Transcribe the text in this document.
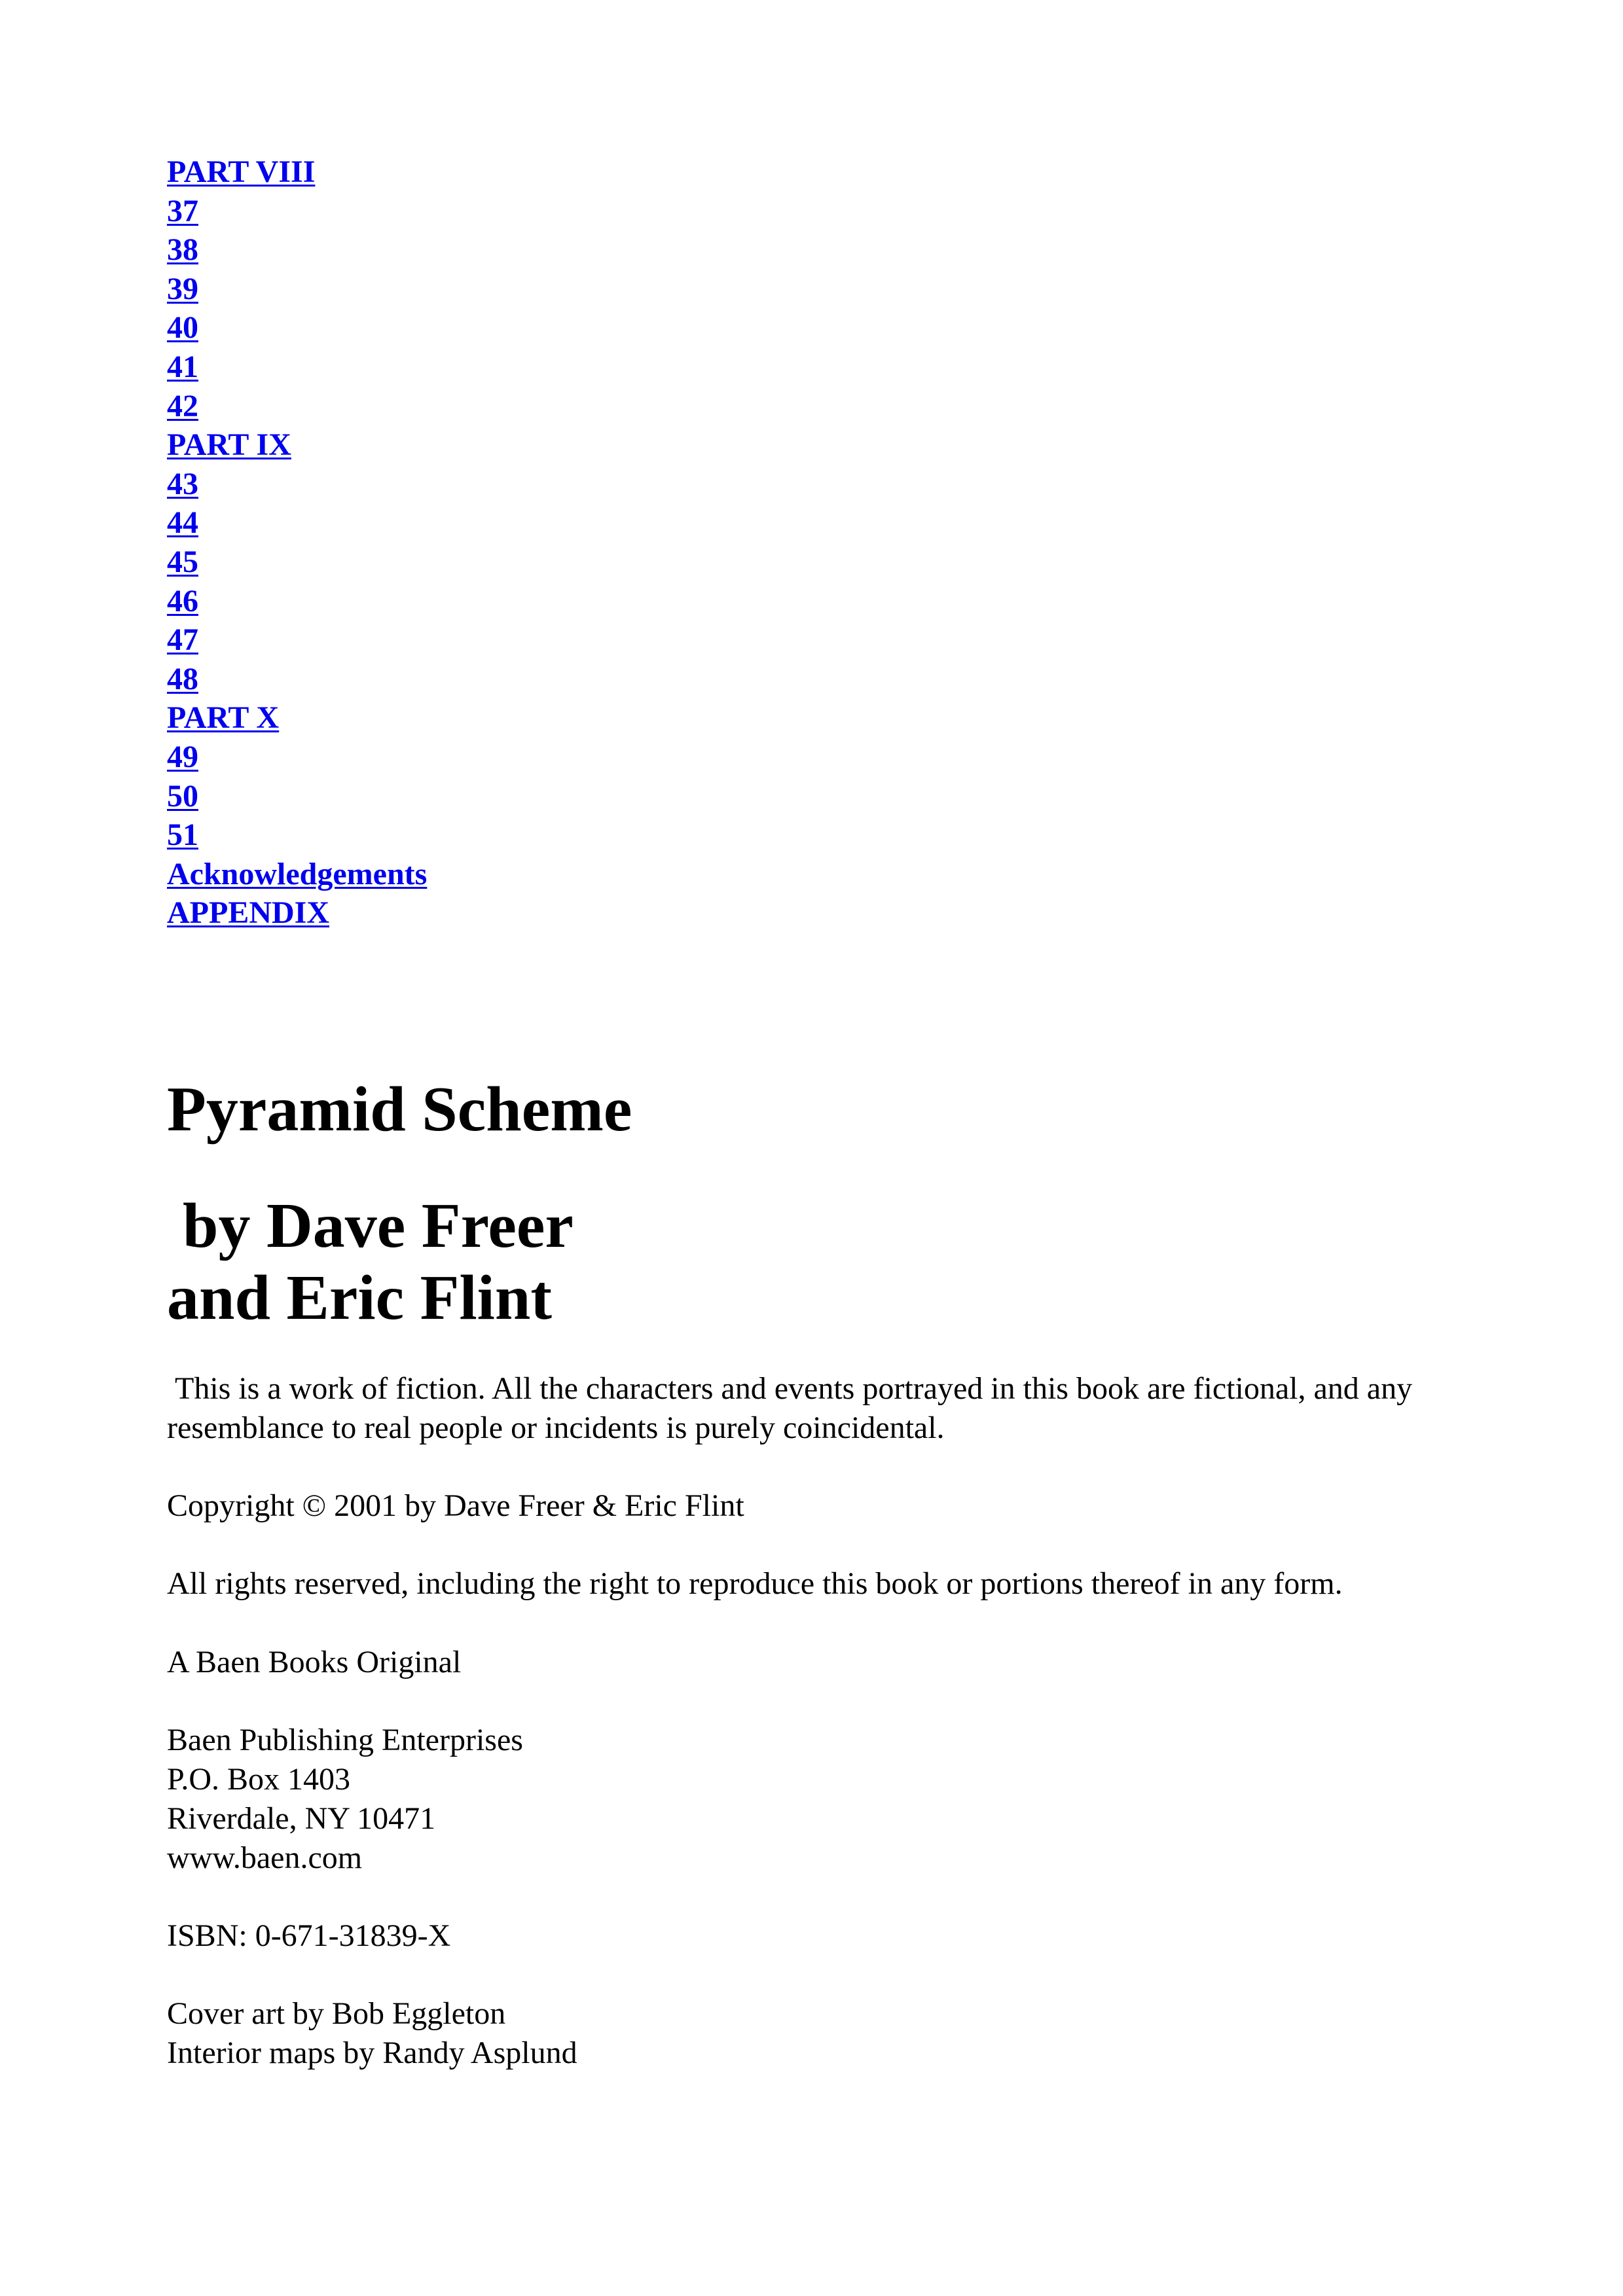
PART VIII
37
38
39
40
41
42
PART IX
43
44
45
46
47
48
PART X
49
50
51
Acknowledgements
APPENDIX
Pyramid Scheme
by Dave Freer
and Eric Flint

This is a work of fiction. All the characters and events portrayed in this book are fictional, and any
resemblance to real people or incidents is purely coincidental.

Copyright © 2001 by Dave Freer & Eric Flint

All rights reserved, including the right to reproduce this book or portions thereof in any form.

A Baen Books Original

Baen Publishing Enterprises
P.O. Box 1403
Riverdale, NY 10471
www.baen.com

ISBN: 0-671-31839-X

Cover art by Bob Eggleton
Interior maps by Randy Asplund
